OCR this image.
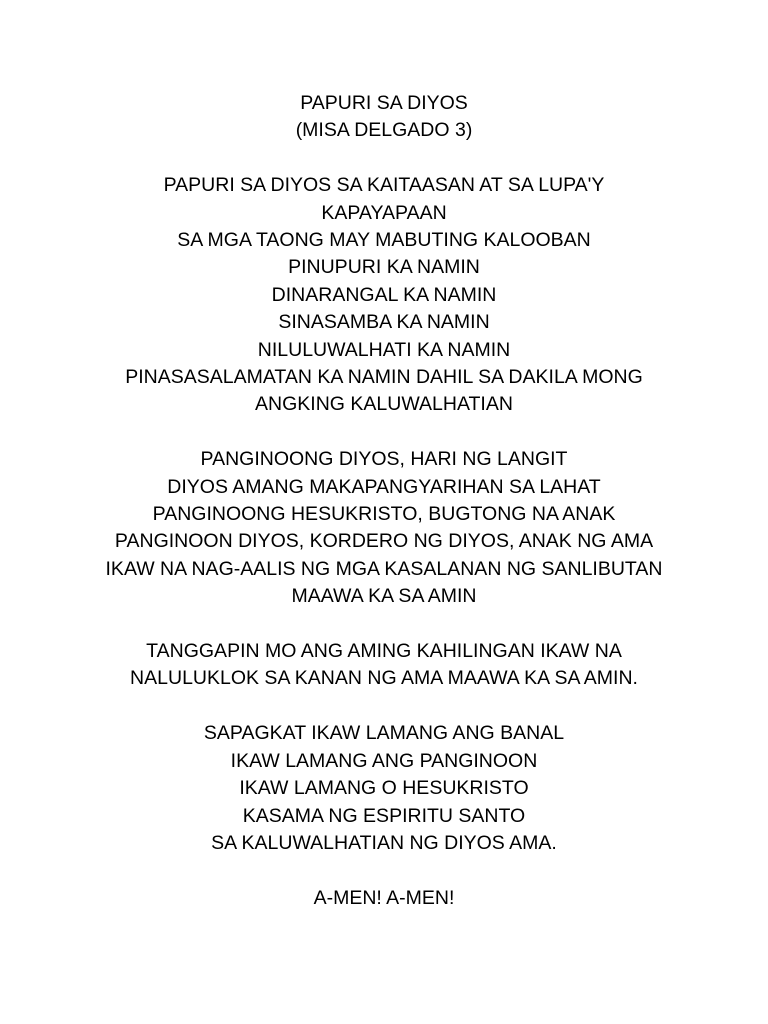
PAPURI SA DIYOS
(MISA DELGADO 3)
PAPURI SA DIYOS SA KAITAASAN AT SA LUPA'Y
KAPAYAPAAN
SA MGA TAONG MAY MABUTING KALOOBAN
PINUPURI KA NAMIN
DINARANGAL KA NAMIN
SINASAMBA KA NAMIN
NILULUWALHATI KA NAMIN
PINASASALAMATAN KA NAMIN DAHIL SA DAKILA MONG
ANGKING KALUWALHATIAN
PANGINOONG DIYOS, HARI NG LANGIT
DIYOS AMANG MAKAPANGYARIHAN SA LAHAT
PANGINOONG HESUKRISTO, BUGTONG NA ANAK
PANGINOON DIYOS, KORDERO NG DIYOS, ANAK NG AMA
IKAW NA NAG-AALIS NG MGA KASALANAN NG SANLIBUTAN
MAAWA KA SA AMIN
TANGGAPIN MO ANG AMING KAHILINGAN IKAW NA
NALULUKLOK SA KANAN NG AMA MAAWA KA SA AMIN.
SAPAGKAT IKAW LAMANG ANG BANAL
IKAW LAMANG ANG PANGINOON
IKAW LAMANG O HESUKRISTO
KASAMA NG ESPIRITU SANTO
SA KALUWALHATIAN NG DIYOS AMA.
A-MEN! A-MEN!
